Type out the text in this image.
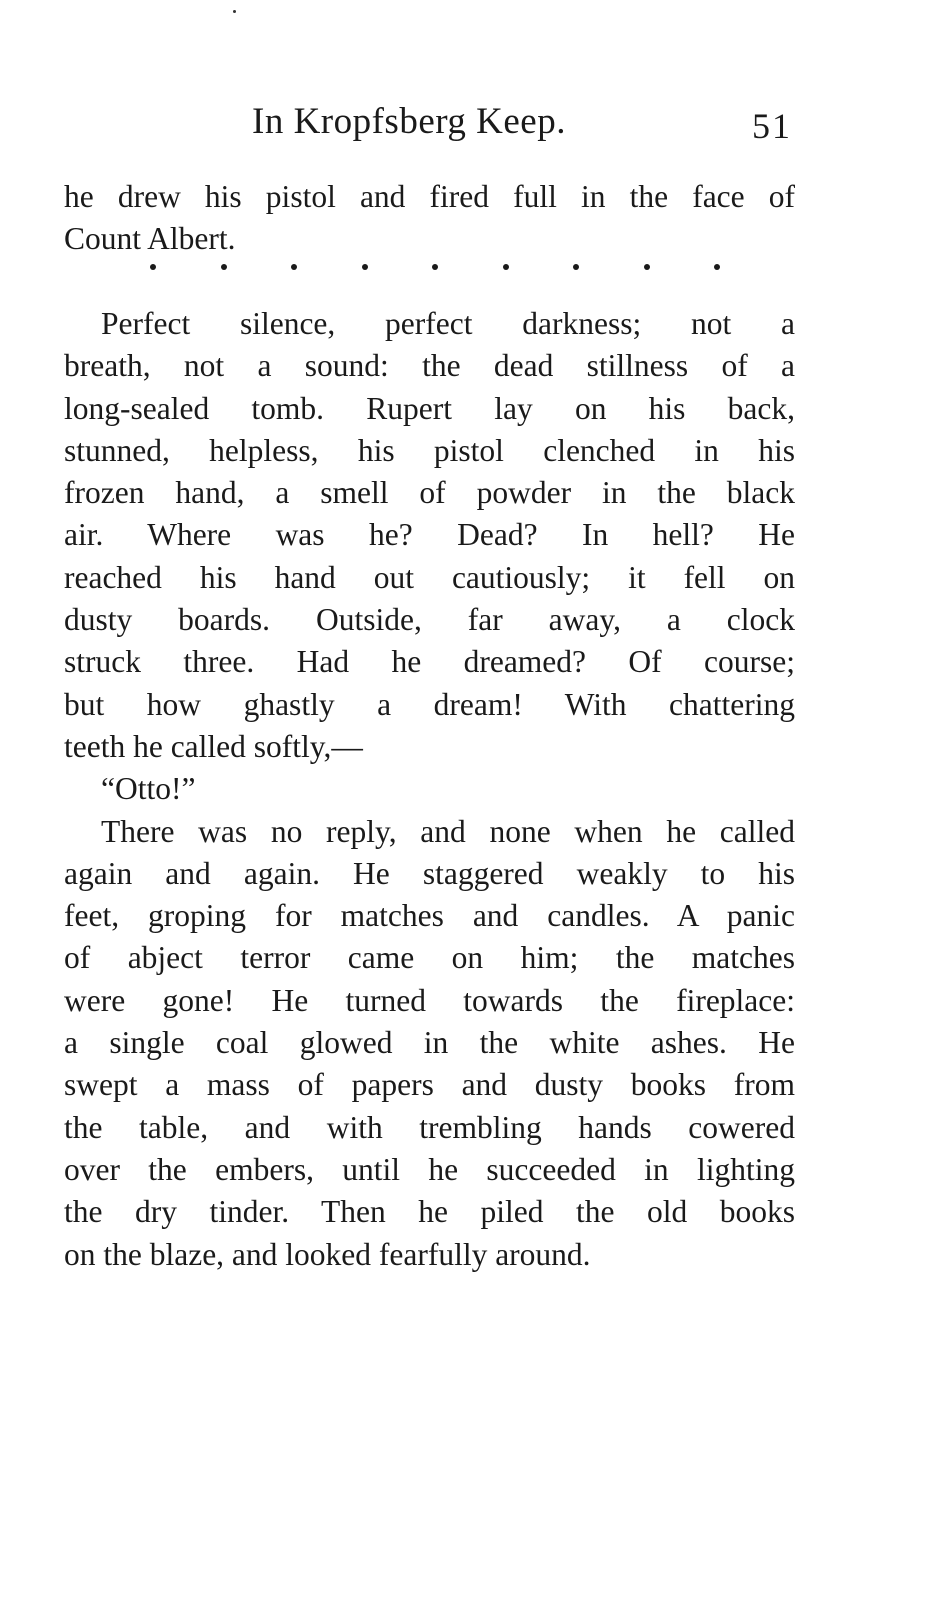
In Kropfsberg Keep.	51
he drew his pistol and fired full in the face of
Count Albert.
Perfect silence, perfect darkness; not a
breath, not a sound: the dead stillness of a
long-sealed tomb. Rupert lay on his back,
stunned, helpless, his pistol clenched in his
frozen hand, a smell of powder in the black
air. Where was he? Dead? In hell? He
reached his hand out cautiously; it fell on
dusty boards. Outside, far away, a clock
struck three. Had he dreamed? Of course;
but how ghastly a dream! With chattering
teeth he called softly,—
“Otto!”
There was no reply, and none when he called
again and again. He staggered weakly to his
feet, groping for matches and candles. A panic
of abject terror came on him; the matches
were gone! He turned towards the fireplace:
a single coal glowed in the white ashes. He
swept a mass of papers and dusty books from
the table, and with trembling hands cowered
over the embers, until he succeeded in lighting
the dry tinder. Then he piled the old books
on the blaze, and looked fearfully around.
